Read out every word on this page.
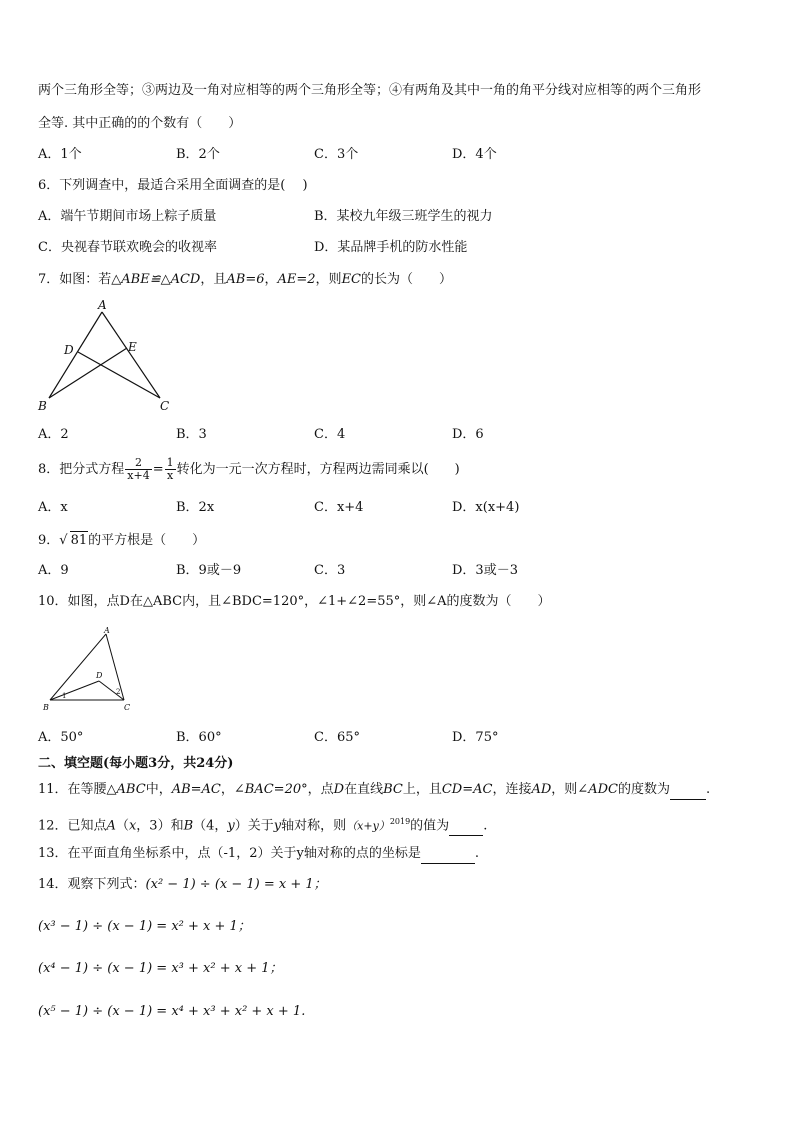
两个三角形全等；③两边及一角对应相等的两个三角形全等；④有两角及其中一角的角平分线对应相等的两个三角形
全等. 其中正确的的个数有（　　）
A．1个	B．2个	C．3个	D．4个
6．下列调查中，最适合采用全面调查的是(　 )
A．端午节期间市场上粽子质量	B．某校九年级三班学生的视力
C．央视春节联欢晚会的收视率	D．某品牌手机的防水性能
7．如图：若△ABE≌△ACD，且AB=6，AE=2，则EC的长为（　　）
A
D	E
B	C
A．2	B．3	C．4	D．6
8．把分式方程 $\frac{2}{x+4} = \frac{1}{x}$ 转化为一元一次方程时，方程两边需同乘以(　　)
A．x	B．2x	C．x+4	D．x(x+4)
9．√ 81的平方根是（　　）
A．9	B．9或－9	C．3	D．3或－3
10．如图，点D在△ABC内，且∠BDC=120°，∠1+∠2=55°，则∠A的度数为（　　）
A
D
B	C
1	2
A．50°	B．60°	C．65°	D．75°
二、填空题(每小题3分，共24分)
11．在等腰△ABC中，AB=AC，∠BAC=20°，点D在直线BC上，且CD=AC，连接AD，则∠ADC的度数为	.
12．已知点A（x，3）和B（4，y）关于y轴对称，则$(x+y)^{2019}$的值为	.
13．在平面直角坐标系中，点（-1，2）关于y轴对称的点的坐标是	.
14．观察下列式：(x² − 1) ÷ (x − 1) = x + 1；
(x³ − 1) ÷ (x − 1) = x² + x + 1；
(x⁴ − 1) ÷ (x − 1) = x³ + x² + x + 1；
(x⁵ − 1) ÷ (x − 1) = x⁴ + x³ + x² + x + 1.
